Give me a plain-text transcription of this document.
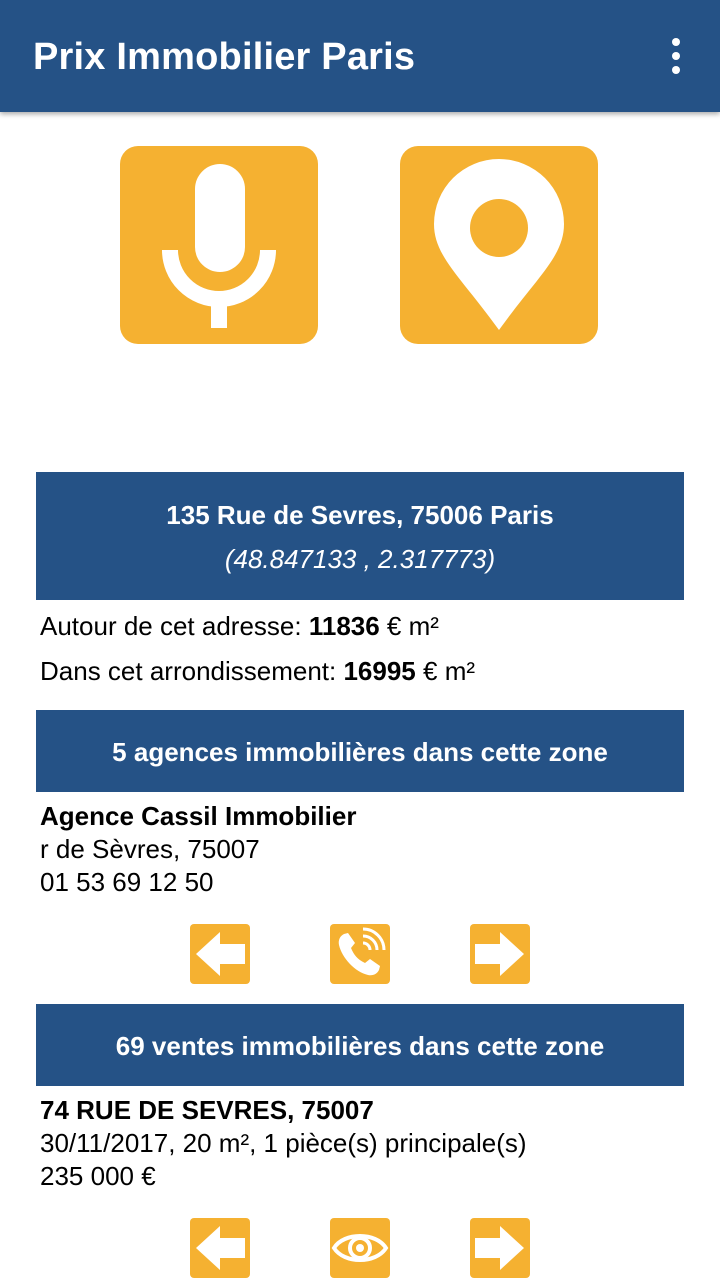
Prix Immobilier Paris
135 Rue de Sevres, 75006 Paris
(48.847133 , 2.317773)
Autour de cet adresse: 11836 € m²
Dans cet arrondissement: 16995 € m²
5 agences immobilières dans cette zone
Agence Cassil Immobilier
r de Sèvres, 75007
01 53 69 12 50
69 ventes immobilières dans cette zone
74 RUE DE SEVRES, 75007
30/11/2017, 20 m², 1 pièce(s) principale(s)
235 000 €
